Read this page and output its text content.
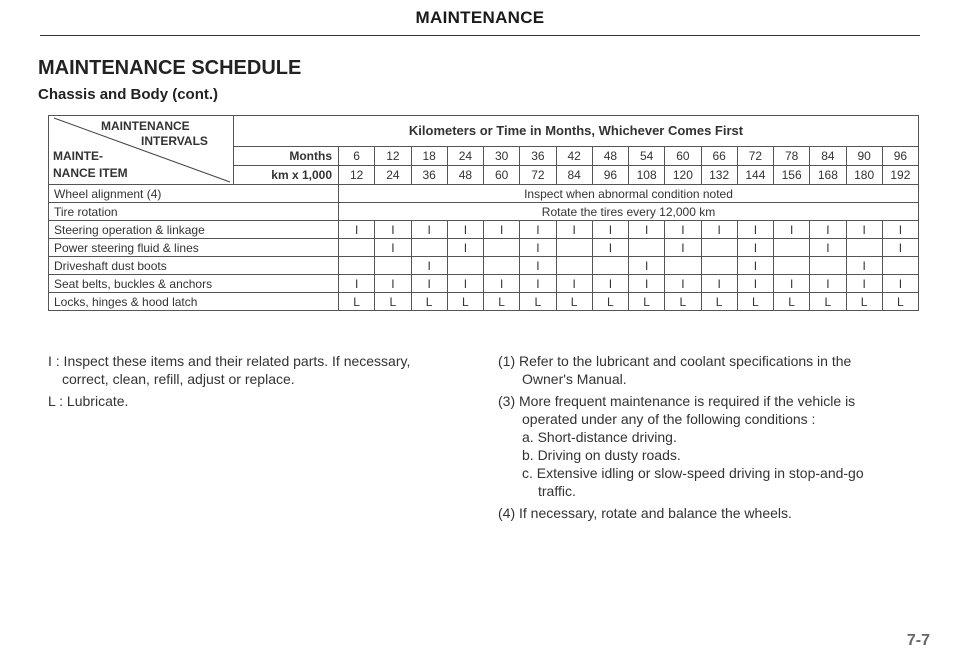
MAINTENANCE
MAINTENANCE SCHEDULE
Chassis and Body (cont.)
MAINTENANCE
INTERVALS
MAINTE-
NANCE ITEM	Kilometers or Time in Months, Whichever Comes First																
	Months	6	12	18	24	30	36	42	48	54	60	66	72	78	84	90	96
	km x 1,000	12	24	36	48	60	72	84	96	108	120	132	144	156	168	180	192
Wheel alignment (4)		Inspect when abnormal condition noted															
Tire rotation		Rotate the tires every 12,000 km															
Steering operation & linkage		I	I	I	I	I	I	I	I	I	I	I	I	I	I	I	I
Power steering fluid & lines			I		I		I		I		I		I		I		I
Driveshaft dust boots				I			I			I			I			I	
Seat belts, buckles & anchors		I	I	I	I	I	I	I	I	I	I	I	I	I	I	I	I
Locks, hinges & hood latch		L	L	L	L	L	L	L	L	L	L	L	L	L	L	L	L
I : Inspect these items and their related parts. If necessary,
correct, clean, refill, adjust or replace.
L : Lubricate.
(1) Refer to the lubricant and coolant specifications in the
Owner's Manual.
(3) More frequent maintenance is required if the vehicle is
operated under any of the following conditions :
a. Short-distance driving.
b. Driving on dusty roads.
c. Extensive idling or slow-speed driving in stop-and-go
traffic.
(4) If necessary, rotate and balance the wheels.
7-7
